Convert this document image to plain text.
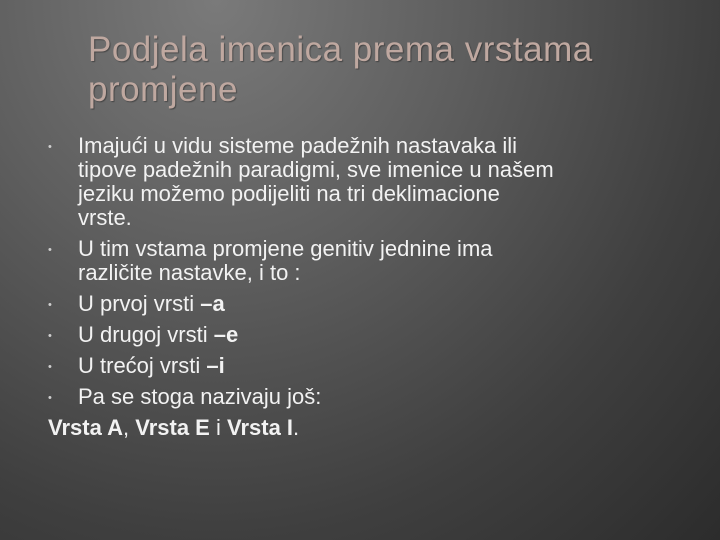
Podjela imenica prema vrstama
promjene
• Imajući u vidu sisteme padežnih nastavaka ili
tipove padežnih paradigmi, sve imenice u našem
jeziku možemo podijeliti na tri deklimacione
vrste.
• U tim vstama promjene genitiv jednine ima
različite nastavke, i to :
• U prvoj vrsti –a
• U drugoj vrsti –e
• U trećoj vrsti –i
• Pa se stoga nazivaju još:
Vrsta A, Vrsta E i Vrsta I.
